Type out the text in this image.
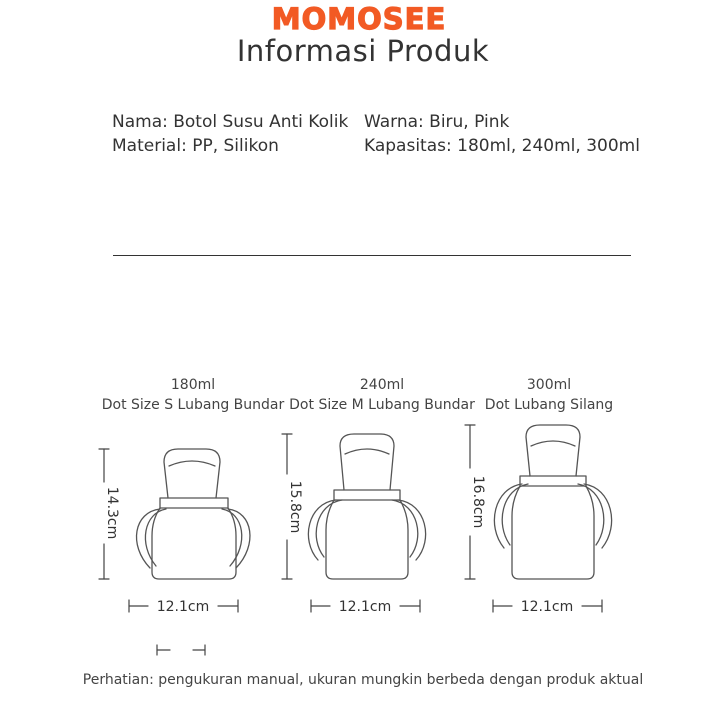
MOMOSEE
Informasi Produk
Nama: Botol Susu Anti Kolik
Material: PP, Silikon
Warna: Biru, Pink
Kapasitas: 180ml, 240ml, 300ml
180ml
Dot Size S Lubang Bundar
240ml
Dot Size M Lubang Bundar
300ml
Dot Lubang Silang
14.3cm	15.8cm	16.8cm
12.1cm	12.1cm	12.1cm
Perhatian: pengukuran manual, ukuran mungkin berbeda dengan produk aktual
